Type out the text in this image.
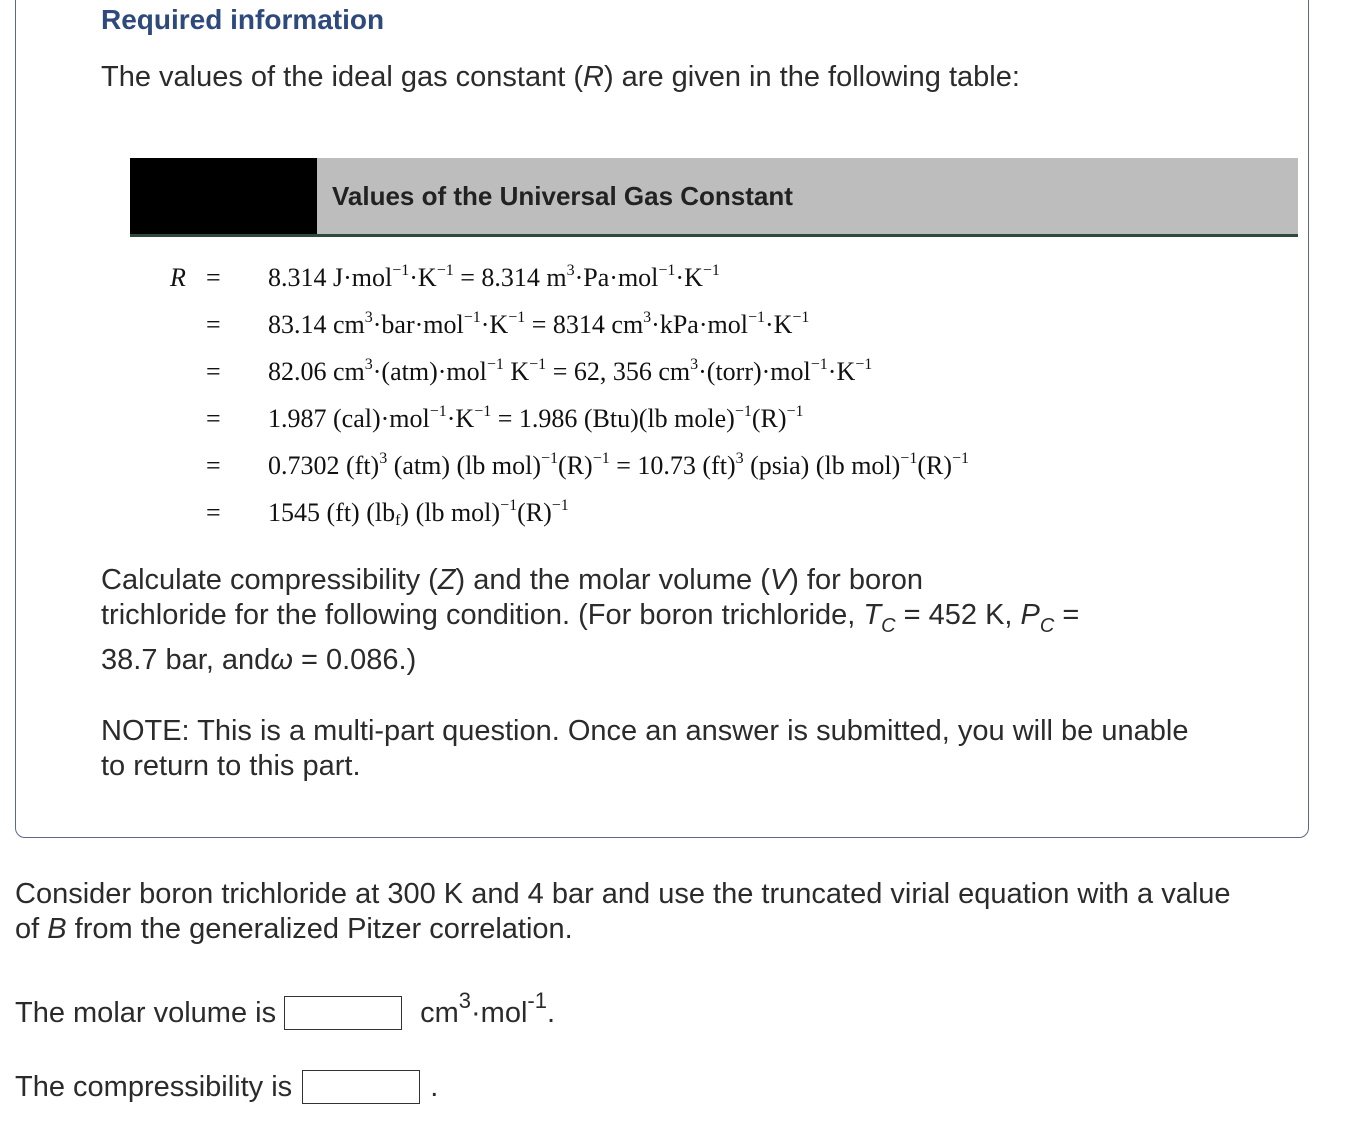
Required information

The values of the ideal gas constant (R) are given in the following table:

Values of the Universal Gas Constant
R =	8.314 $J\cdot mol^{-1}\cdot K^{-1} = 8.314$ $m^3\cdot Pa\cdot mol^{-1}\cdot K^{-1}$
=	83.14 $cm^3\cdot bar\cdot mol^{-1}\cdot K^{-1} = 8314$ $cm^3\cdot kPa\cdot mol^{-1}\cdot K^{-1}$
=	82.06 $cm^3\cdot(atm)\cdot mol^{-1}$ $K^{-1} = 62$, 356 $cm^3\cdot(torr)\cdot mol^{-1}\cdot K^{-1}$
=	1.987 $(cal)\cdot mol^{-1}\cdot K^{-1} = 1.986$ (Btu)(lb $mole)^{-1}(R)^{-1}$
=	0.7302 (ft)$^3$ (atm) (lb $mol)^{-1}(R)^{-1} = 10.73$ (ft)$^3$ (psia) (lb $mol)^{-1}(R)^{-1}$
=	1545 (ft) $(lb_f)$ (lb $mol)^{-1}(R)^{-1}$

Calculate compressibility (Z) and the molar volume (V) for boron
trichloride for the following condition. (For boron trichloride, $T_C = 452$ K, $P_C$ =
38.7 bar, andω = 0.086.)

NOTE: This is a multi-part question. Once an answer is submitted, you will be unable to return to this part.

Consider boron trichloride at 300 K and 4 bar and use the truncated virial equation with a value
of B from the generalized Pitzer correlation.

The molar volume is	$cm^3\cdot mol^{-1}$.
The compressibility is	.
